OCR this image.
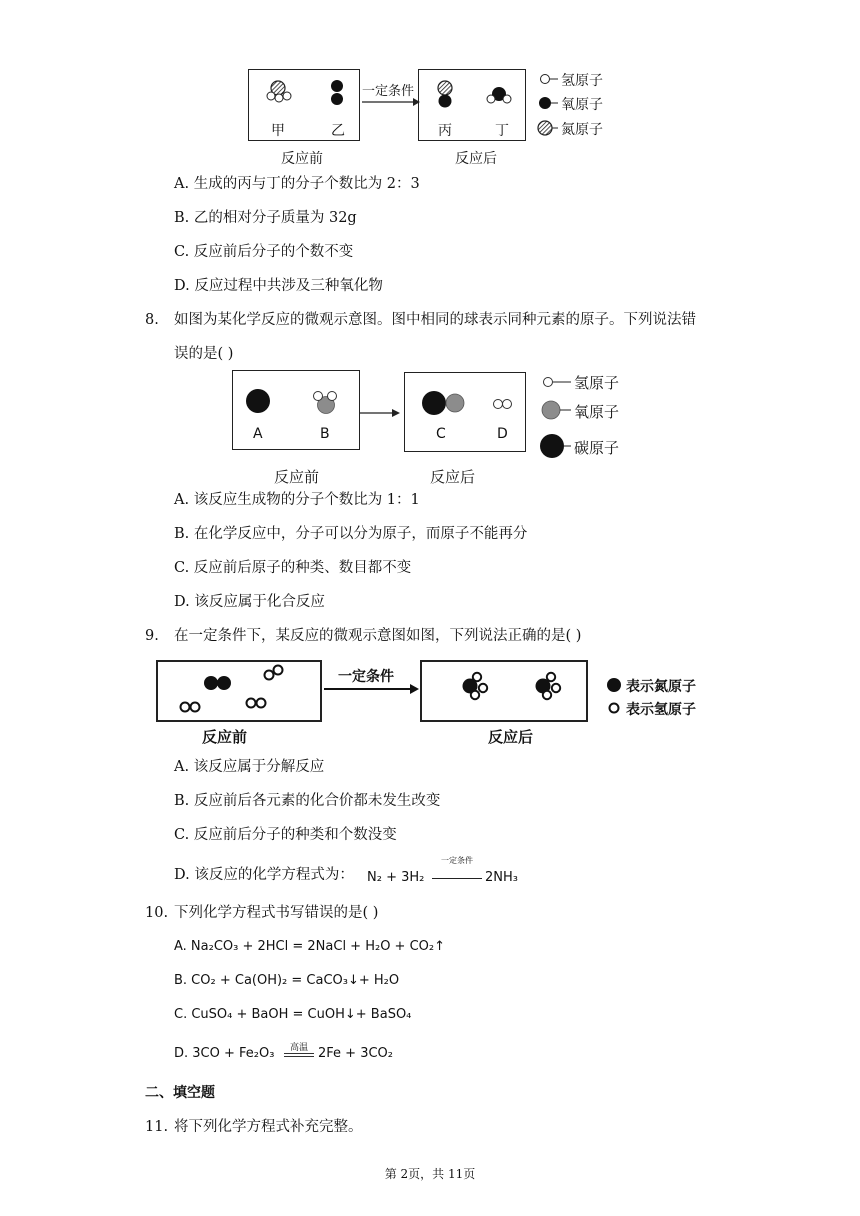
一定条件
甲	乙	丙	丁
反应前	反应后
氢原子
氧原子
氮原子
A. 生成的丙与丁的分子个数比为 2：3
B. 乙的相对分子质量为 32g
C. 反应前后分子的个数不变
D. 反应过程中共涉及三种氧化物
8. 如图为某化学反应的微观示意图。图中相同的球表示同种元素的原子。下列说法错
误的是( )
A	B	C	D
反应前	反应后
氢原子
氧原子
碳原子
A. 该反应生成物的分子个数比为 1：1
B. 在化学反应中，分子可以分为原子，而原子不能再分
C. 反应前后原子的种类、数目都不变
D. 该反应属于化合反应
9. 在一定条件下，某反应的微观示意图如图，下列说法正确的是( )
一定条件
反应前	反应后
表示氮原子
表示氢原子
A. 该反应属于分解反应
B. 反应前后各元素的化合价都未发生改变
C. 反应前后分子的种类和个数没变
D. 该反应的化学方程式为： N₂ + 3H₂
一定条件
2NH₃
10. 下列化学方程式书写错误的是( )
A. Na₂CO₃ + 2HCl = 2NaCl + H₂O + CO₂↑
B. CO₂ + Ca(OH)₂ = CaCO₃↓+ H₂O
C. CuSO₄ + BaOH = CuOH↓+ BaSO₄
D. 3CO + Fe₂O₃	高温 2Fe + 3CO₂
二、填空题
11. 将下列化学方程式补充完整。
第 2页，共 11页
